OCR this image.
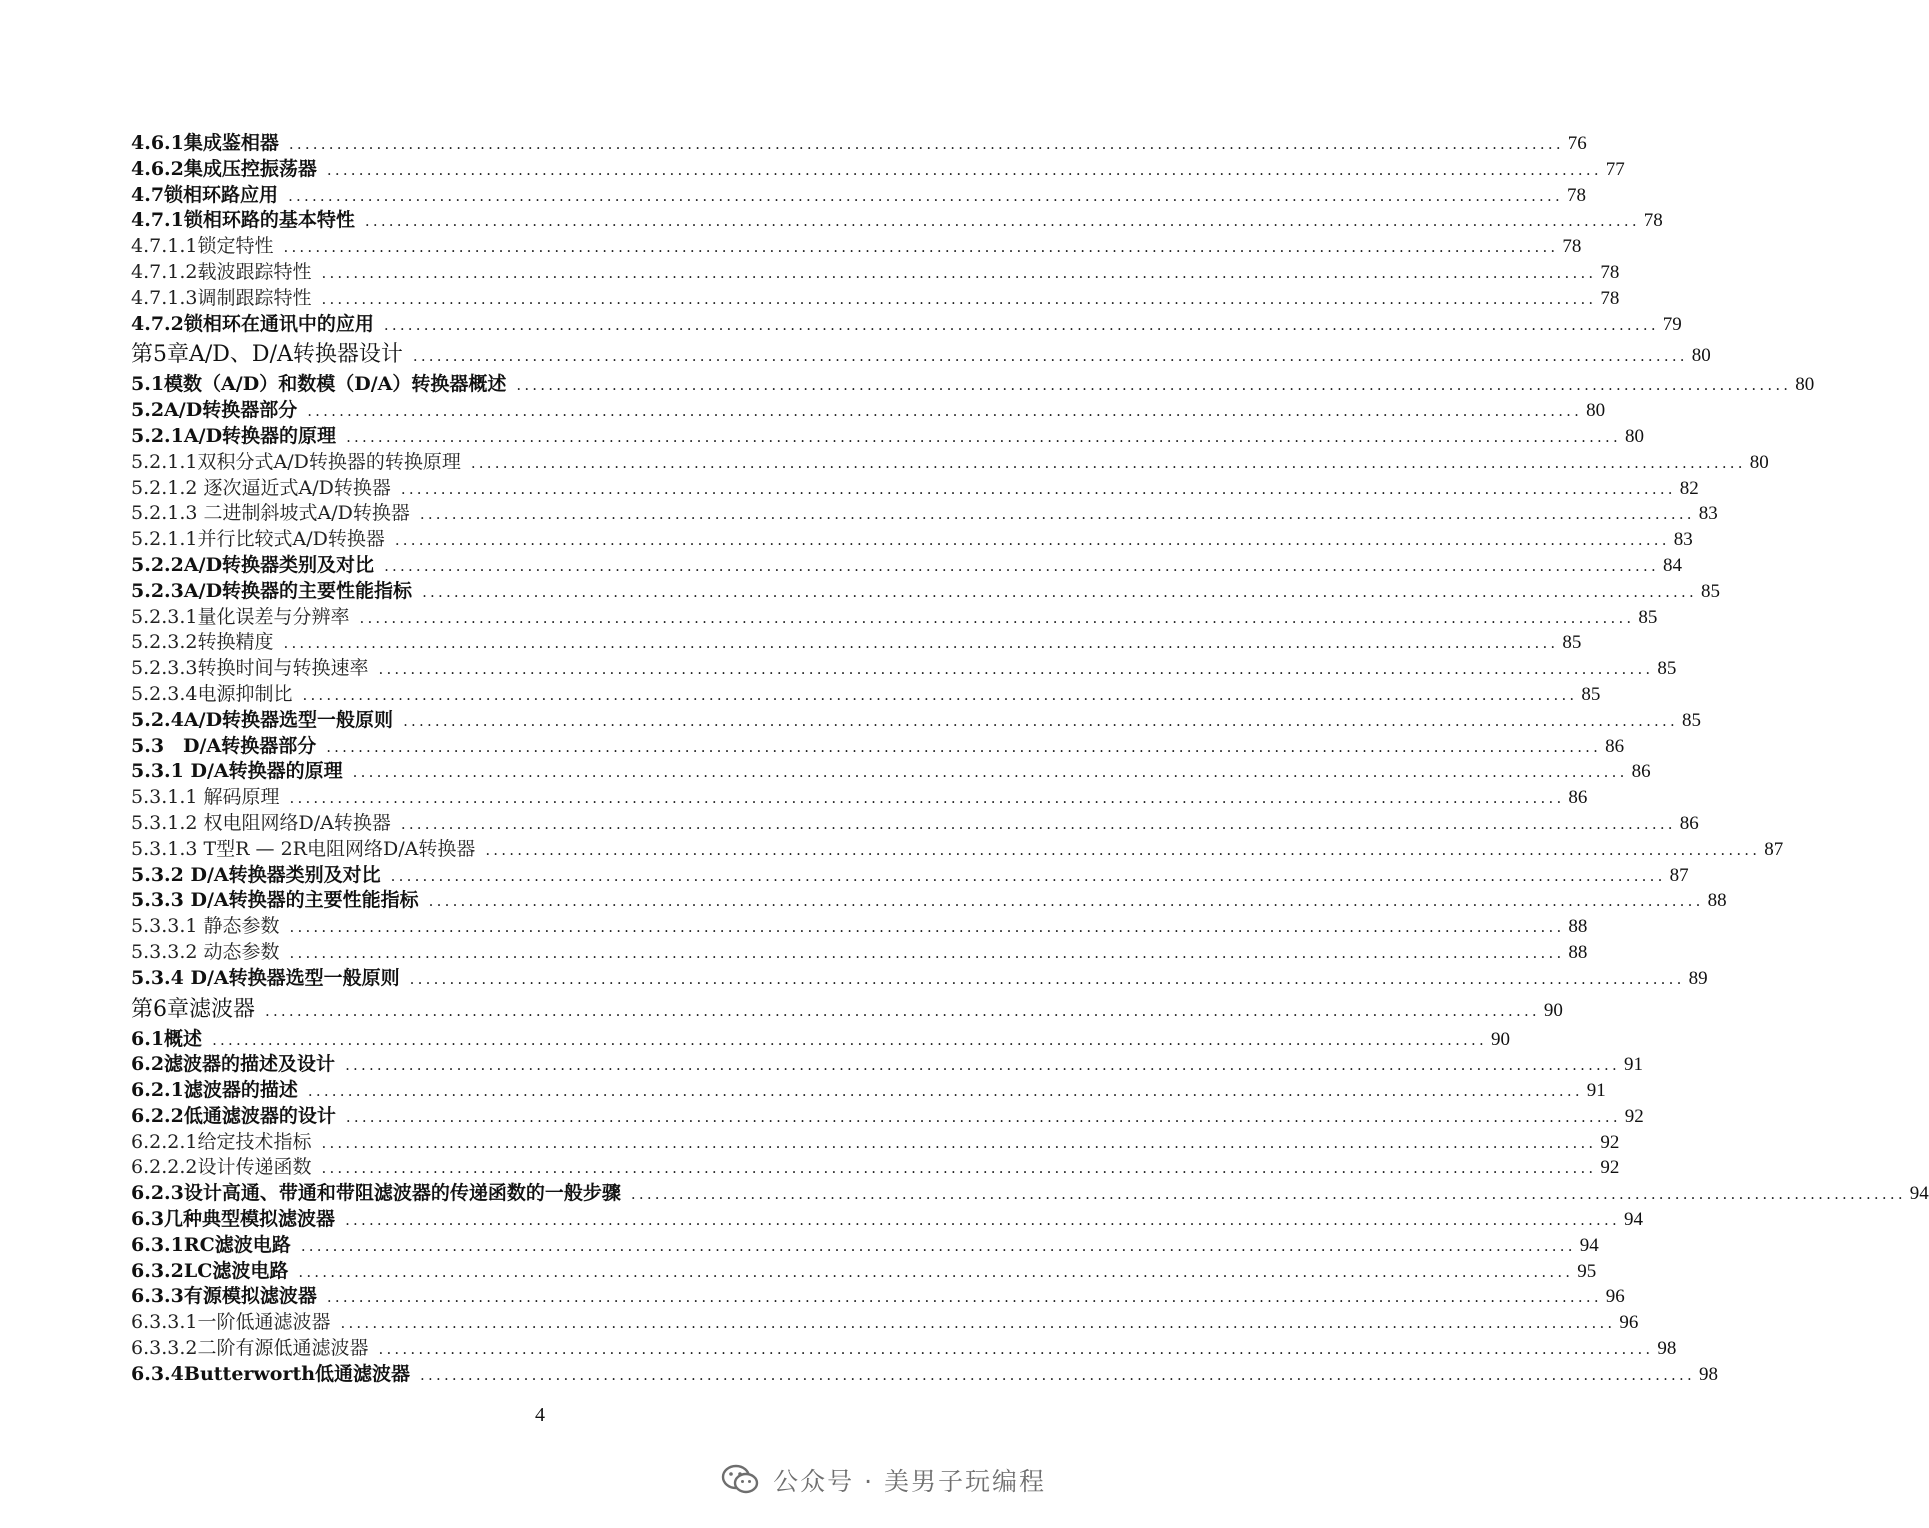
4.6.1集成鉴相器 ................................................................................................................................................................ 76
4.6.2集成压控振荡器 ................................................................................................................................................................ 77
4.7锁相环路应用 ................................................................................................................................................................ 78
4.7.1锁相环路的基本特性 ................................................................................................................................................................ 78
4.7.1.1锁定特性 ................................................................................................................................................................ 78
4.7.1.2载波跟踪特性 ................................................................................................................................................................ 78
4.7.1.3调制跟踪特性 ................................................................................................................................................................ 78
4.7.2锁相环在通讯中的应用 ................................................................................................................................................................ 79
第5章A/D、D/A转换器设计 ................................................................................................................................................................ 80
5.1模数（A/D）和数模（D/A）转换器概述 ................................................................................................................................................................ 80
5.2A/D转换器部分 ................................................................................................................................................................ 80
5.2.1A/D转换器的原理 ................................................................................................................................................................ 80
5.2.1.1双积分式A/D转换器的转换原理 ................................................................................................................................................................ 80
5.2.1.2 逐次逼近式A/D转换器 ................................................................................................................................................................ 82
5.2.1.3 二进制斜坡式A/D转换器 ................................................................................................................................................................ 83
5.2.1.1并行比较式A/D转换器 ................................................................................................................................................................ 83
5.2.2A/D转换器类别及对比 ................................................................................................................................................................ 84
5.2.3A/D转换器的主要性能指标 ................................................................................................................................................................ 85
5.2.3.1量化误差与分辨率 ................................................................................................................................................................ 85
5.2.3.2转换精度 ................................................................................................................................................................ 85
5.2.3.3转换时间与转换速率 ................................................................................................................................................................ 85
5.2.3.4电源抑制比 ................................................................................................................................................................ 85
5.2.4A/D转换器选型一般原则 ................................................................................................................................................................ 85
5.3　D/A转换器部分 ................................................................................................................................................................ 86
5.3.1 D/A转换器的原理 ................................................................................................................................................................ 86
5.3.1.1 解码原理 ................................................................................................................................................................ 86
5.3.1.2 权电阻网络D/A转换器 ................................................................................................................................................................ 86
5.3.1.3 T型R — 2R电阻网络D/A转换器 ................................................................................................................................................................ 87
5.3.2 D/A转换器类别及对比 ................................................................................................................................................................ 87
5.3.3 D/A转换器的主要性能指标 ................................................................................................................................................................ 88
5.3.3.1 静态参数 ................................................................................................................................................................ 88
5.3.3.2 动态参数 ................................................................................................................................................................ 88
5.3.4 D/A转换器选型一般原则 ................................................................................................................................................................ 89
第6章滤波器 ................................................................................................................................................................ 90
6.1概述 ................................................................................................................................................................ 90
6.2滤波器的描述及设计 ................................................................................................................................................................ 91
6.2.1滤波器的描述 ................................................................................................................................................................ 91
6.2.2低通滤波器的设计 ................................................................................................................................................................ 92
6.2.2.1给定技术指标 ................................................................................................................................................................ 92
6.2.2.2设计传递函数 ................................................................................................................................................................ 92
6.2.3设计高通、带通和带阻滤波器的传递函数的一般步骤 ................................................................................................................................................................ 94
6.3几种典型模拟滤波器 ................................................................................................................................................................ 94
6.3.1RC滤波电路 ................................................................................................................................................................ 94
6.3.2LC滤波电路 ................................................................................................................................................................ 95
6.3.3有源模拟滤波器 ................................................................................................................................................................ 96
6.3.3.1一阶低通滤波器 ................................................................................................................................................................ 96
6.3.3.2二阶有源低通滤波器 ................................................................................................................................................................ 98
6.3.4Butterworth低通滤波器 ................................................................................................................................................................ 98
4
公众号 · 美男子玩编程
